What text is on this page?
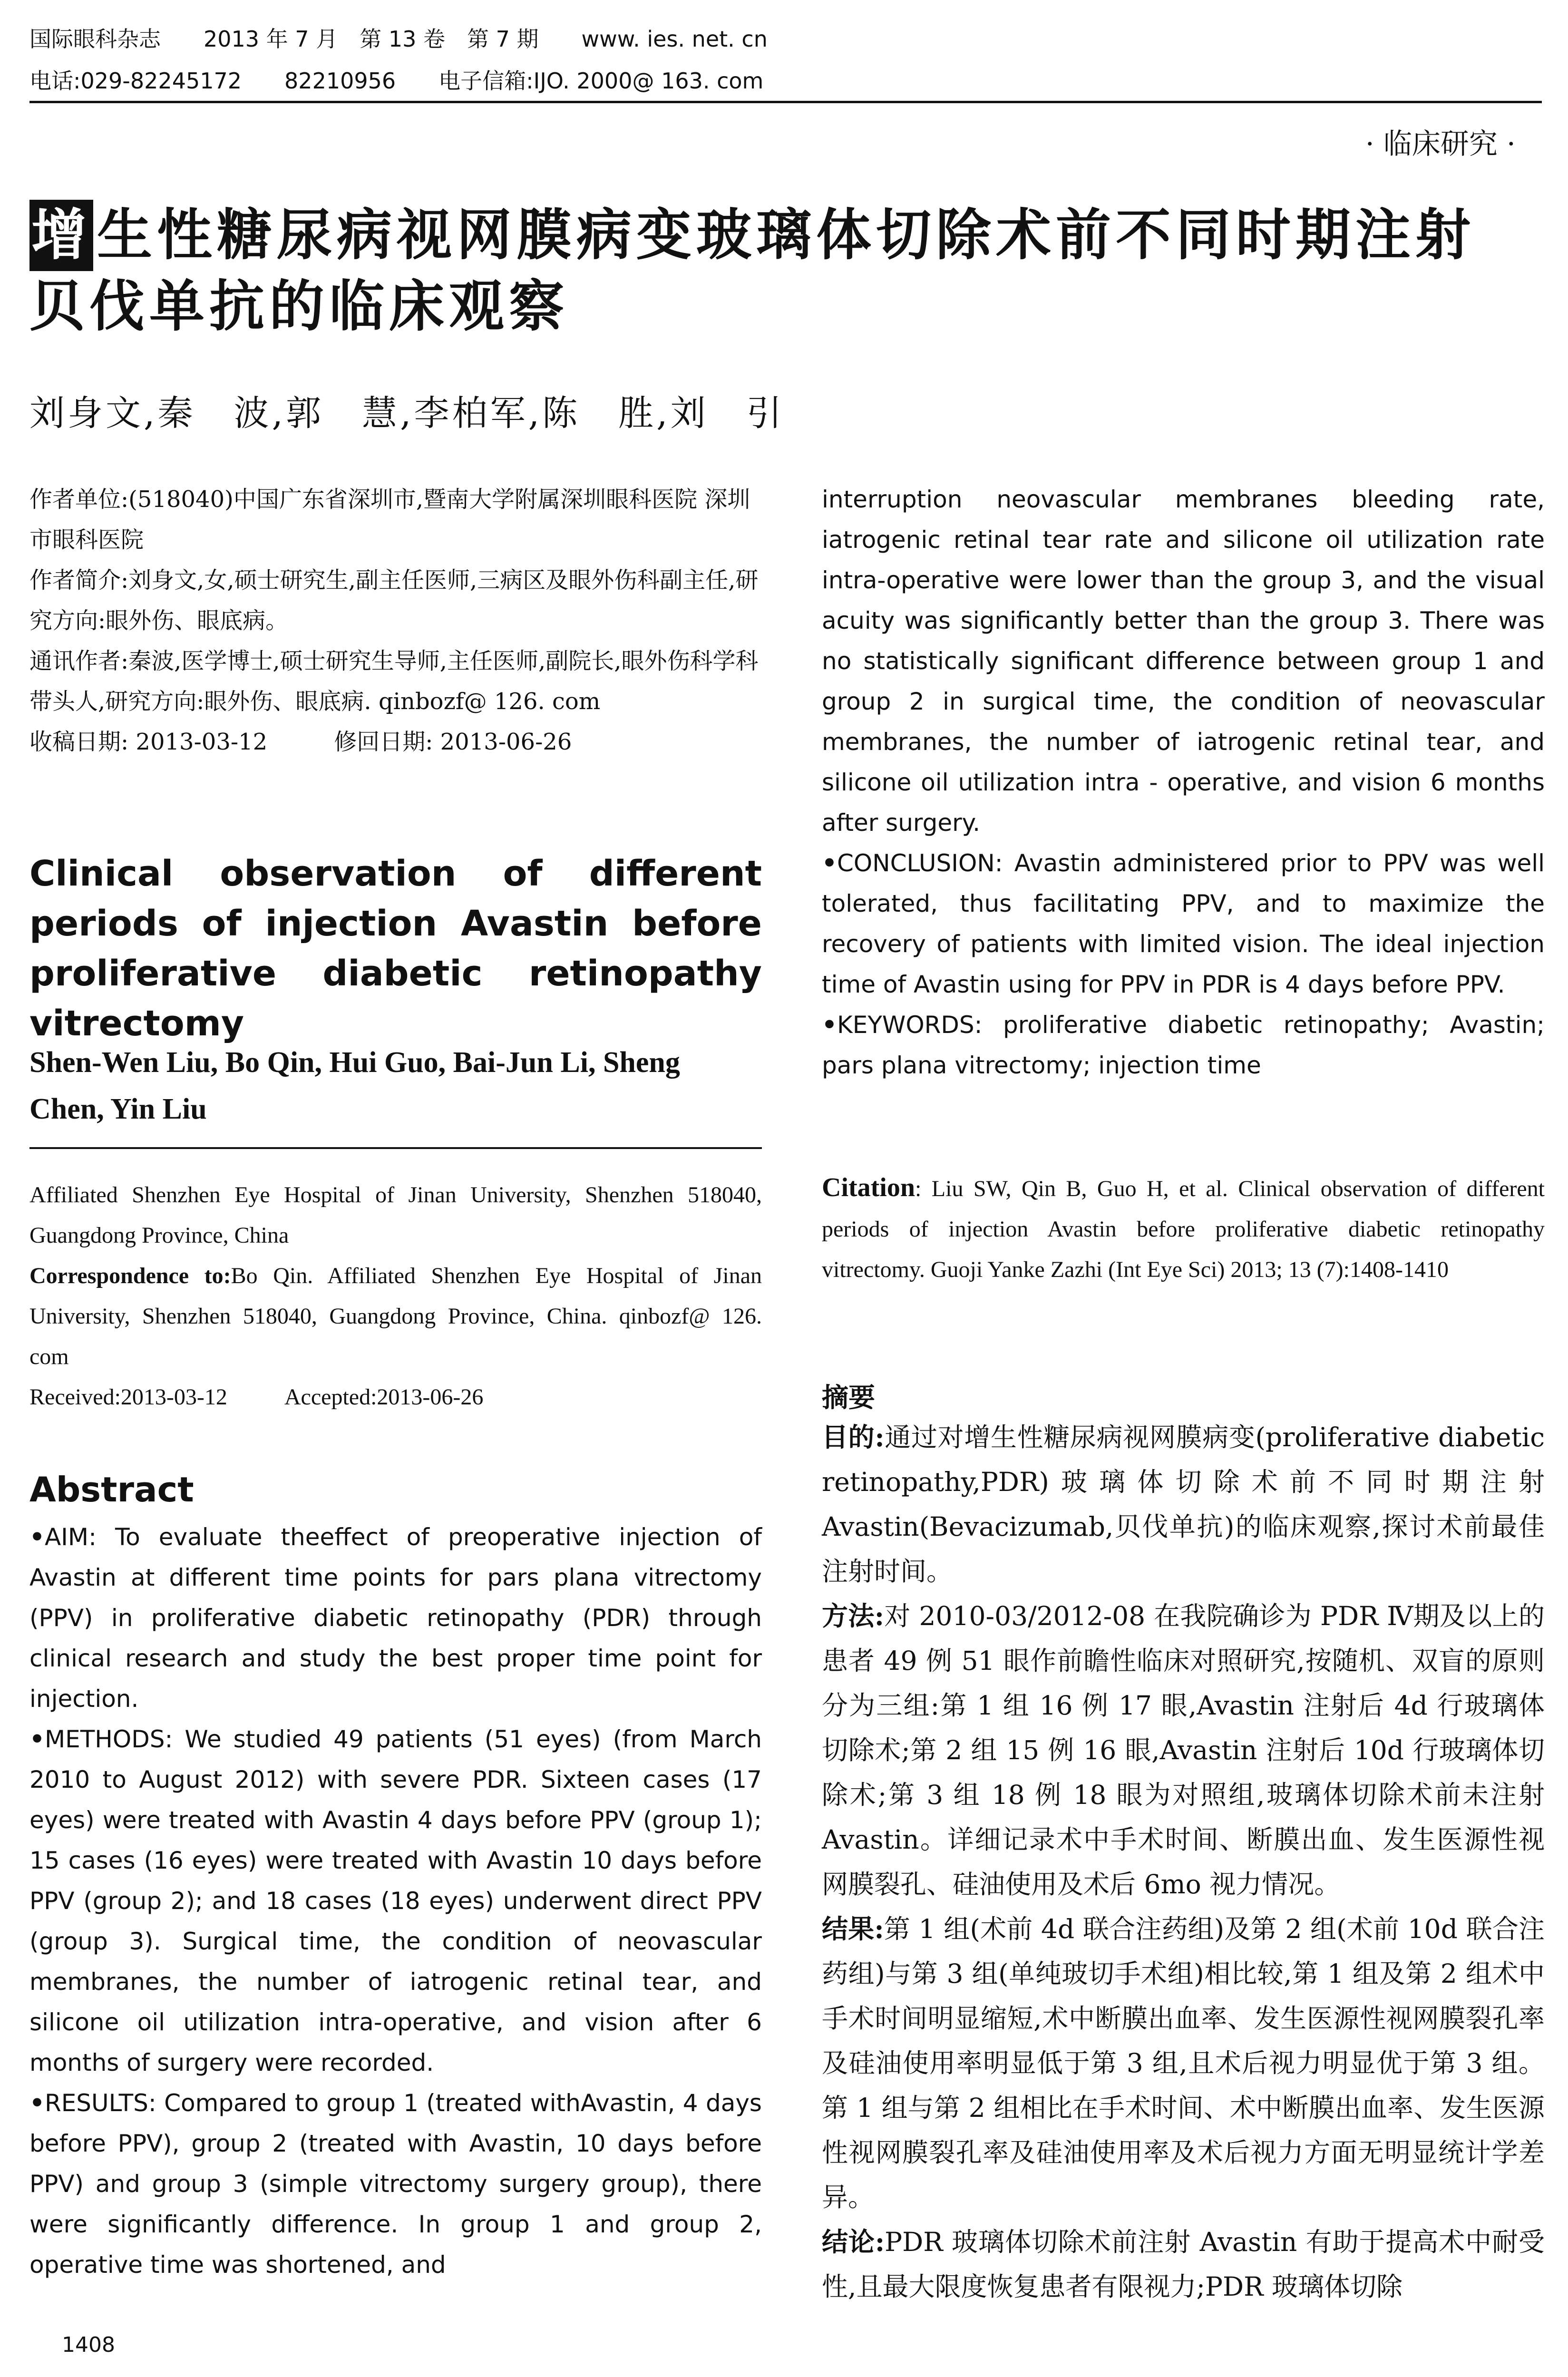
国际眼科杂志 2013 年 7 月　第 13 卷　第 7 期 www. ies. net. cn
电话:029-82245172 82210956 电子信箱:IJO. 2000@ 163. com
· 临床研究 ·
增 生性糖尿病视网膜病变玻璃体切除术前不同时期注射
贝伐单抗的临床观察
刘身文,秦　波,郭　慧,李柏军,陈　胜,刘　引

作者单位:(518040)中国广东省深圳市,暨南大学附属深圳眼科医院 深圳市眼科医院

作者简介:刘身文,女,硕士研究生,副主任医师,三病区及眼外伤科副主任,研究方向:眼外伤、眼底病。

通讯作者:秦波,医学博士,硕士研究生导师,主任医师,副院长,眼外伤科学科带头人,研究方向:眼外伤、眼底病. qinbozf@ 126. com

收稿日期: 2013-03-12	修回日期: 2013-06-26

Clinical observation of different periods of injection Avastin before proliferative diabetic retinopathy vitrectomy
Shen-Wen Liu, Bo Qin, Hui Guo, Bai-Jun Li, Sheng Chen, Yin Liu
Affiliated Shenzhen Eye Hospital of Jinan University, Shenzhen 518040, Guangdong Province, China
Correspondence to:Bo Qin. Affiliated Shenzhen Eye Hospital of Jinan University, Shenzhen 518040, Guangdong Province, China. qinbozf@ 126. com
Received:2013-03-12	Accepted:2013-06-26
Abstract

•AIM: To evaluate theeffect of preoperative injection of Avastin at different time points for pars plana vitrectomy (PPV) in proliferative diabetic retinopathy (PDR) through clinical research and study the best proper time point for injection.

•METHODS: We studied 49 patients (51 eyes) (from March 2010 to August 2012) with severe PDR. Sixteen cases (17 eyes) were treated with Avastin 4 days before PPV (group 1); 15 cases (16 eyes) were treated with Avastin 10 days before PPV (group 2); and 18 cases (18 eyes) underwent direct PPV (group 3). Surgical time, the condition of neovascular membranes, the number of iatrogenic retinal tear, and silicone oil utilization intra-operative, and vision after 6 months of surgery were recorded.

•RESULTS: Compared to group 1 (treated withAvastin, 4 days before PPV), group 2 (treated with Avastin, 10 days before PPV) and group 3 (simple vitrectomy surgery group), there were significantly difference. In group 1 and group 2, operative time was shortened, and

1408

interruption neovascular membranes bleeding rate, iatrogenic retinal tear rate and silicone oil utilization rate intra-operative were lower than the group 3, and the visual acuity was significantly better than the group 3. There was no statistically significant difference between group 1 and group 2 in surgical time, the condition of neovascular membranes, the number of iatrogenic retinal tear, and silicone oil utilization intra - operative, and vision 6 months after surgery.

•CONCLUSION: Avastin administered prior to PPV was well tolerated, thus facilitating PPV, and to maximize the recovery of patients with limited vision. The ideal injection time of Avastin using for PPV in PDR is 4 days before PPV.

•KEYWORDS: proliferative diabetic retinopathy; Avastin; pars plana vitrectomy; injection time

Citation: Liu SW, Qin B, Guo H, et al. Clinical observation of different periods of injection Avastin before proliferative diabetic retinopathy vitrectomy. Guoji Yanke Zazhi (Int Eye Sci) 2013; 13 (7):1408-1410

摘要

目的:通过对增生性糖尿病视网膜病变(proliferative diabetic retinopathy,PDR)玻璃体切除术前不同时期注射 Avastin(Bevacizumab,贝伐单抗)的临床观察,探讨术前最佳注射时间。

方法:对 2010-03/2012-08 在我院确诊为 PDR Ⅳ期及以上的患者 49 例 51 眼作前瞻性临床对照研究,按随机、双盲的原则分为三组:第 1 组 16 例 17 眼,Avastin 注射后 4d 行玻璃体切除术;第 2 组 15 例 16 眼,Avastin 注射后 10d 行玻璃体切除术;第 3 组 18 例 18 眼为对照组,玻璃体切除术前未注射 Avastin。详细记录术中手术时间、断膜出血、发生医源性视网膜裂孔、硅油使用及术后 6mo 视力情况。

结果:第 1 组(术前 4d 联合注药组)及第 2 组(术前 10d 联合注药组)与第 3 组(单纯玻切手术组)相比较,第 1 组及第 2 组术中手术时间明显缩短,术中断膜出血率、发生医源性视网膜裂孔率及硅油使用率明显低于第 3 组,且术后视力明显优于第 3 组。第 1 组与第 2 组相比在手术时间、术中断膜出血率、发生医源性视网膜裂孔率及硅油使用率及术后视力方面无明显统计学差异。

结论:PDR 玻璃体切除术前注射 Avastin 有助于提高术中耐受性,且最大限度恢复患者有限视力;PDR 玻璃体切除
